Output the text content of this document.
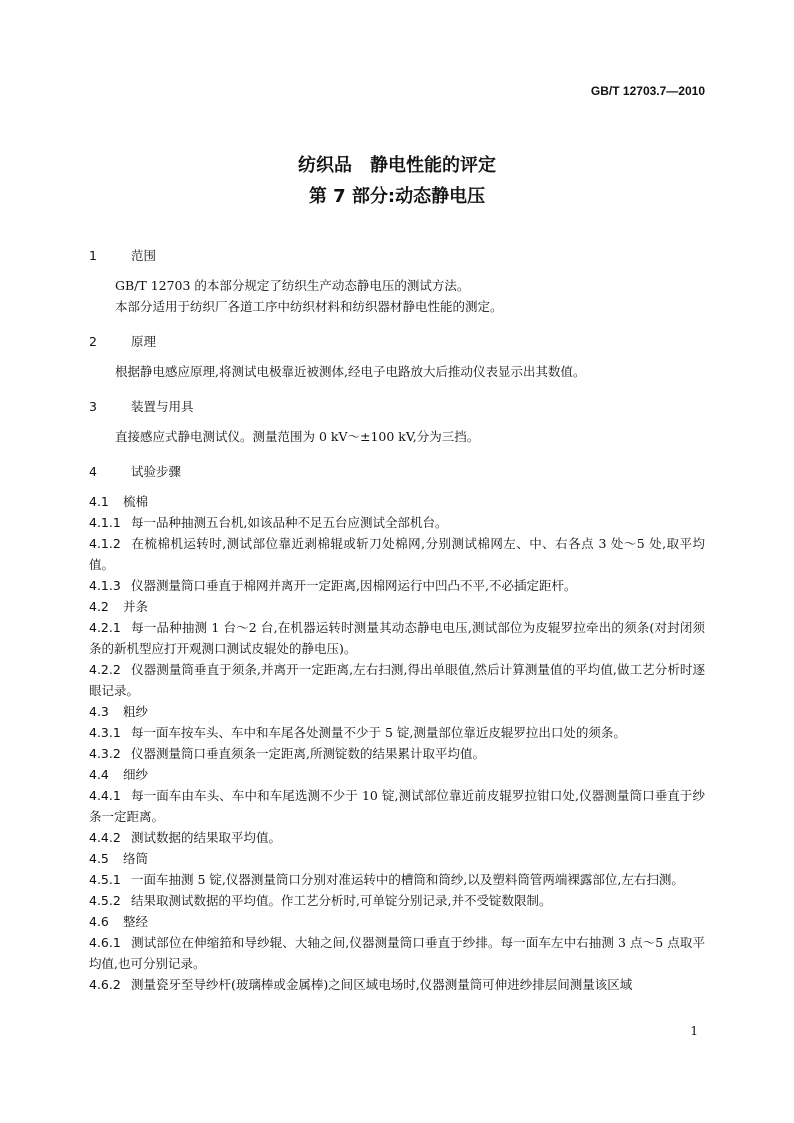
GB/T 12703.7—2010

纺织品　静电性能的评定
第 7 部分:动态静电压

1	范围

GB/T 12703 的本部分规定了纺织生产动态静电压的测试方法。

本部分适用于纺织厂各道工序中纺织材料和纺织器材静电性能的测定。

2	原理

根据静电感应原理,将测试电极靠近被测体,经电子电路放大后推动仪表显示出其数值。

3	装置与用具

直接感应式静电测试仪。测量范围为 0 kV～±100 kV,分为三挡。

4	试验步骤

4.1 梳棉

4.1.1 每一品种抽测五台机,如该品种不足五台应测试全部机台。

4.1.2 在梳棉机运转时,测试部位靠近剥棉辊或斩刀处棉网,分别测试棉网左、中、右各点 3 处～5 处,取平均值。

4.1.3 仪器测量筒口垂直于棉网并离开一定距离,因棉网运行中凹凸不平,不必插定距杆。

4.2 并条

4.2.1 每一品种抽测 1 台～2 台,在机器运转时测量其动态静电电压,测试部位为皮辊罗拉牵出的须条(对封闭须条的新机型应打开观测口测试皮辊处的静电压)。

4.2.2 仪器测量筒垂直于须条,并离开一定距离,左右扫测,得出单眼值,然后计算测量值的平均值,做工艺分析时逐眼记录。

4.3 粗纱

4.3.1 每一面车按车头、车中和车尾各处测量不少于 5 锭,测量部位靠近皮辊罗拉出口处的须条。

4.3.2 仪器测量筒口垂直须条一定距离,所测锭数的结果累计取平均值。

4.4 细纱

4.4.1 每一面车由车头、车中和车尾选测不少于 10 锭,测试部位靠近前皮辊罗拉钳口处,仪器测量筒口垂直于纱条一定距离。

4.4.2 测试数据的结果取平均值。

4.5 络筒

4.5.1 一面车抽测 5 锭,仪器测量筒口分别对准运转中的槽筒和筒纱,以及塑料筒管两端裸露部位,左右扫测。

4.5.2 结果取测试数据的平均值。作工艺分析时,可单锭分别记录,并不受锭数限制。

4.6 整经

4.6.1 测试部位在伸缩筘和导纱辊、大轴之间,仪器测量筒口垂直于纱排。每一面车左中右抽测 3 点～5 点取平均值,也可分别记录。

4.6.2 测量瓷牙至导纱杆(玻璃棒或金属棒)之间区域电场时,仪器测量筒可伸进纱排层间测量该区域

1
